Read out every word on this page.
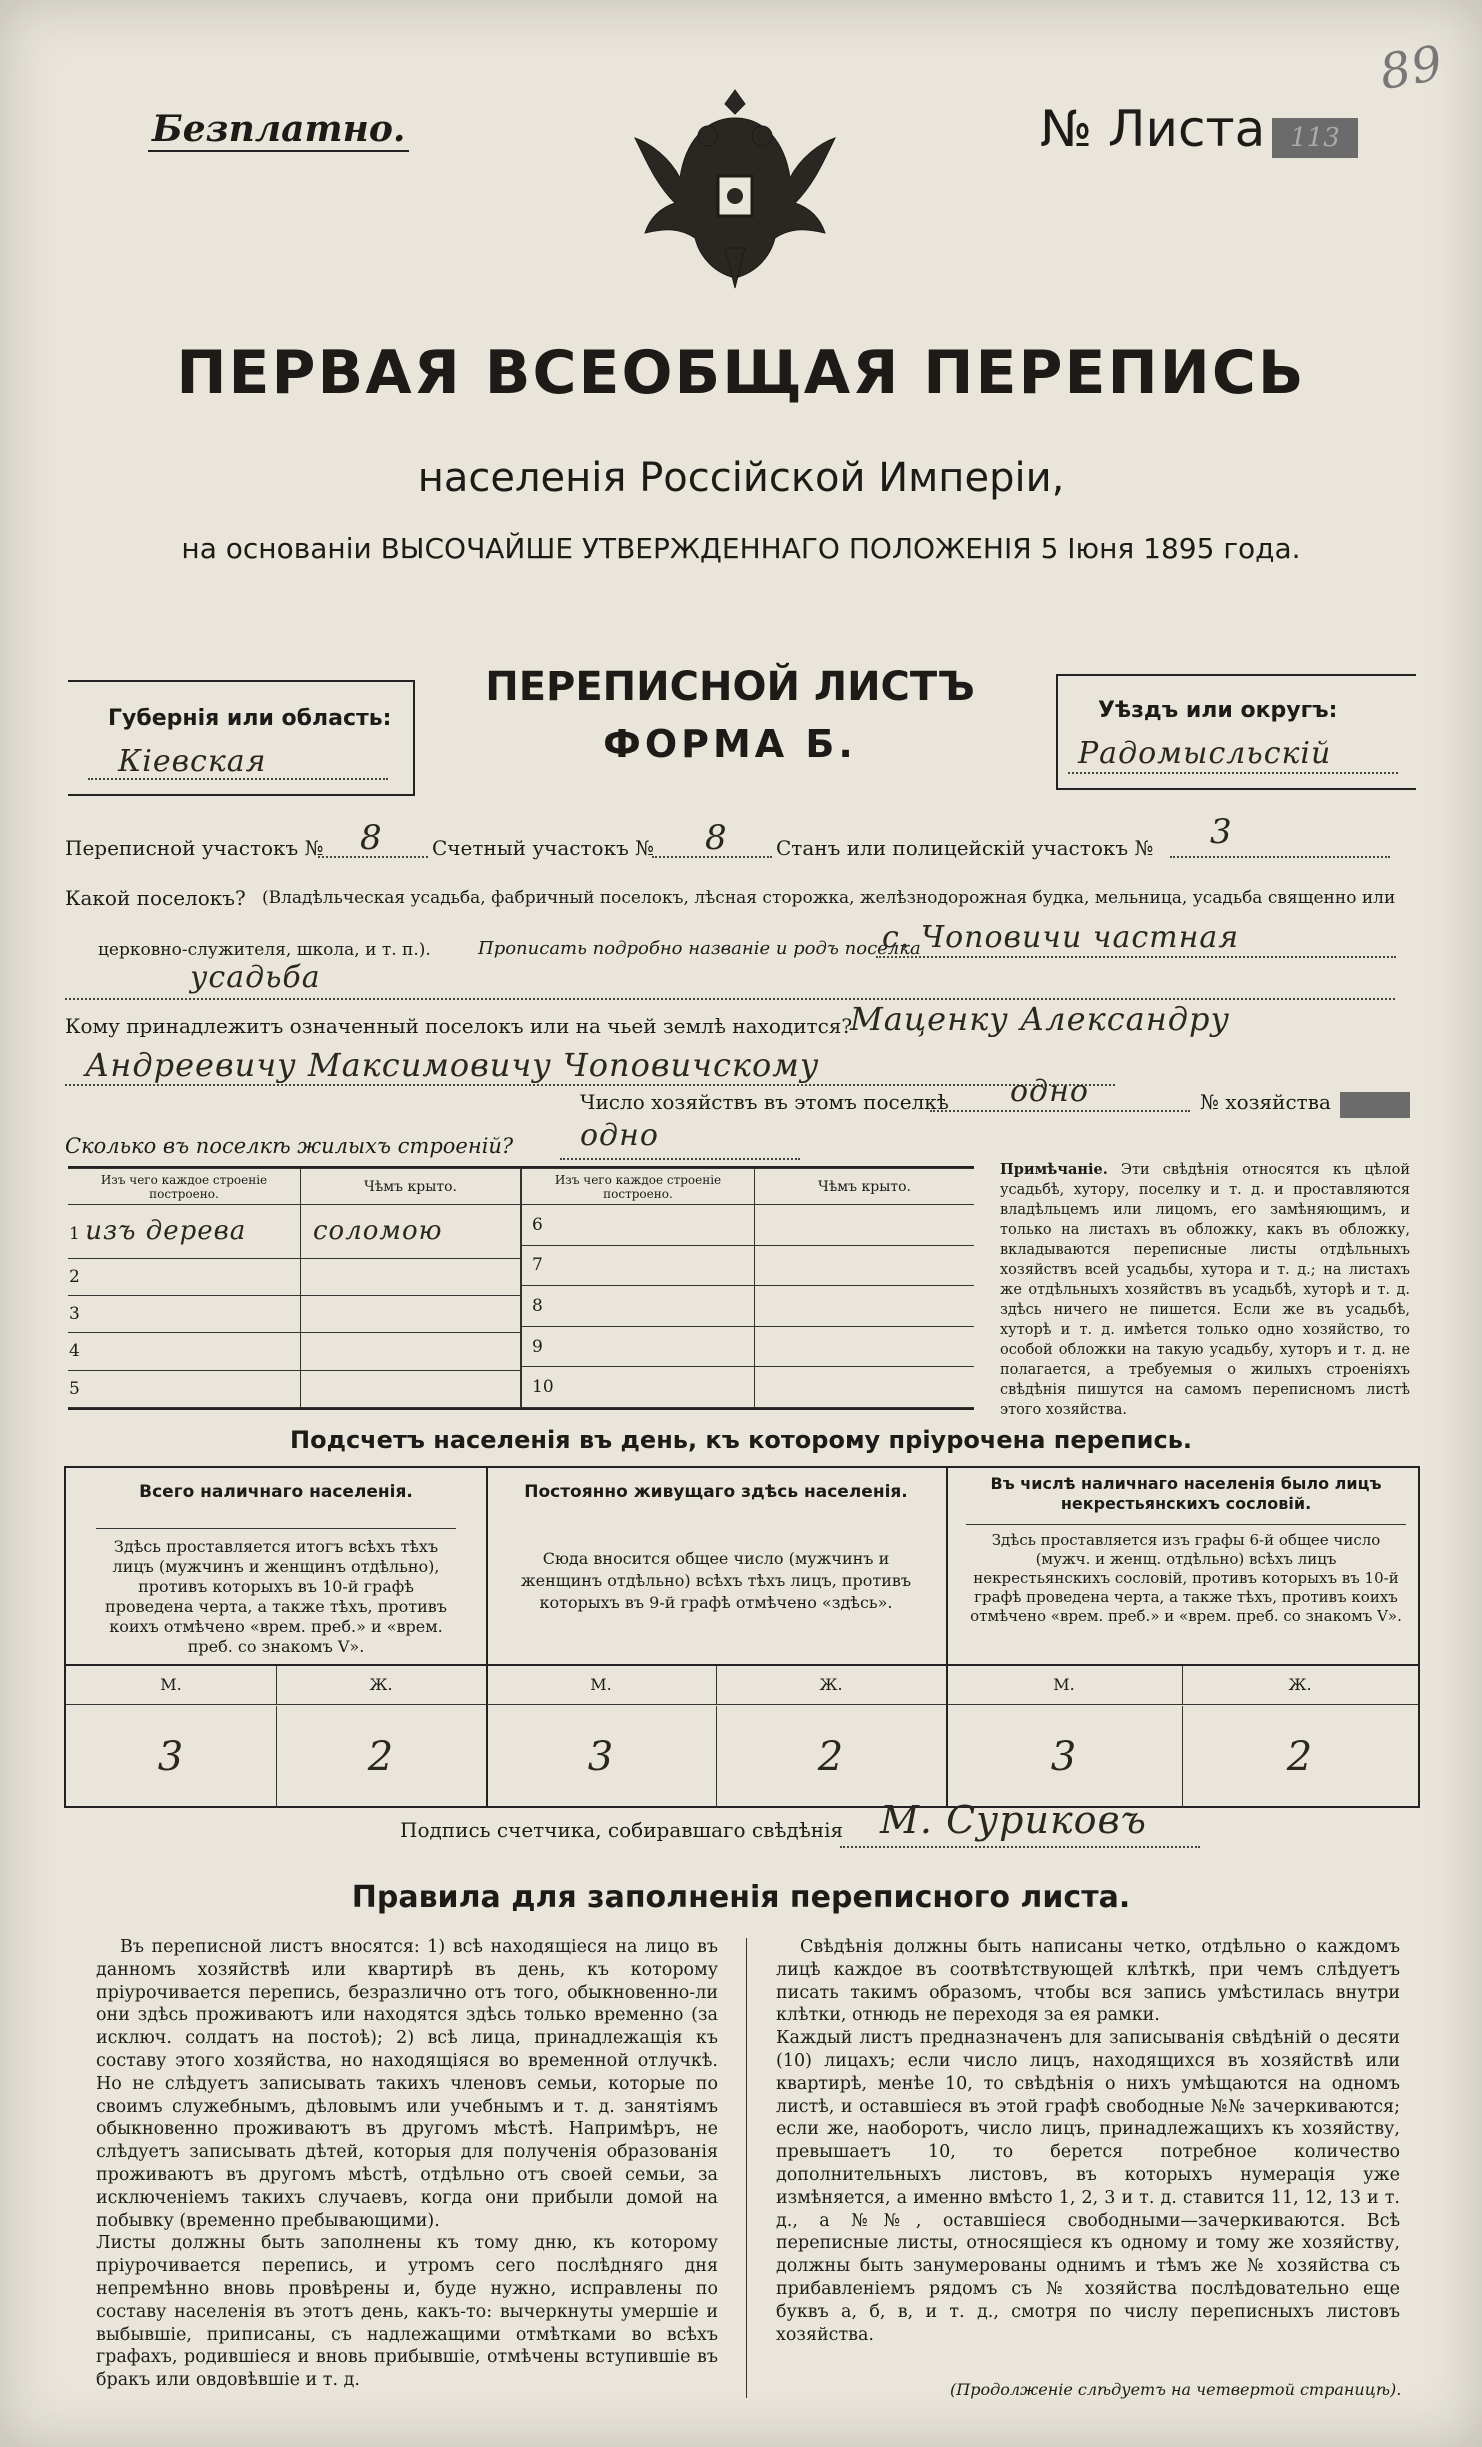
Безплатно.	№ Листа 113
89
ПЕРВАЯ ВСЕОБЩАЯ ПЕРЕПИСЬ
населенія Россійской Имперіи,
на основаніи ВЫСОЧАЙШЕ УТВЕРЖДЕННАГО ПОЛОЖЕНІЯ 5 Іюня 1895 года.
Губернія или область:
Кіевская
ПЕРЕПИСНОЙ ЛИСТЪ
ФОРМА Б.
Уѣздъ или округъ:
Радомысльскій
Переписной участокъ № 8 Счетный участокъ № 8 Станъ или полицейскій участокъ № 3
Какой поселокъ? (Владѣльческая усадьба, фабричный поселокъ, лѣсная сторожка, желѣзнодорожная будка, мельница, усадьба священно или
церковно-служителя, школа, и т. п.).	Прописать подробно названіе и родъ поселка
с. Чоповичи частная
усадьба
Кому принадлежитъ означенный поселокъ или на чьей землѣ находится?
Маценку Александру
Андреевичу Максимовичу Чоповичскому
Число хозяйствъ въ этомъ поселкѣ одно	№ хозяйства
Сколько въ поселкѣ жилыхъ строеній? одно
Изъ чего каждое строеніе построено.	Чѣмъ крыто.
1 изъ дерева	соломою
2	
3	
4	
5	
Изъ чего каждое строеніе построено.	Чѣмъ крыто.
6	
7	
8	
9	
10	
Примѣчаніе. Эти свѣдѣнія относятся къ цѣлой усадьбѣ, хутору, поселку и т. д. и проставляются владѣльцемъ или лицомъ, его замѣняющимъ, и только на листахъ въ обложку, какъ въ обложку, вкладываются переписные листы отдѣльныхъ хозяйствъ всей усадьбы, хутора и т. д.; на листахъ же отдѣльныхъ хозяйствъ въ усадьбѣ, хуторѣ и т. д. здѣсь ничего не пишется. Если же въ усадьбѣ, хуторѣ и т. д. имѣется только одно хозяйство, то особой обложки на такую усадьбу, хуторъ и т. д. не полагается, а требуемыя о жилыхъ строеніяхъ свѣдѣнія пишутся на самомъ переписномъ листѣ этого хозяйства.
Подсчетъ населенія въ день, къ которому пріурочена перепись.
Всего наличнаго населенія.
Здѣсь проставляется итогъ всѣхъ тѣхъ лицъ (мужчинъ и женщинъ отдѣльно), противъ которыхъ въ 10-й графѣ проведена черта, а также тѣхъ, противъ коихъ отмѣчено «врем. преб.» и «врем. преб. со знакомъ V».
Постоянно живущаго здѣсь населенія.
Сюда вносится общее число (мужчинъ и женщинъ отдѣльно) всѣхъ тѣхъ лицъ, противъ которыхъ въ 9-й графѣ отмѣчено «здѣсь».
Въ числѣ наличнаго населенія было лицъ некрестьянскихъ сословій.
Здѣсь проставляется изъ графы 6-й общее число (мужч. и женщ. отдѣльно) всѣхъ лицъ некрестьянскихъ сословій, противъ которыхъ въ 10-й графѣ проведена черта, а также тѣхъ, противъ коихъ отмѣчено «врем. преб.» и «врем. преб. со знакомъ V».
М.	Ж.	М.	Ж.	М.	Ж.
3	2	3	2	3	2
Подпись счетчика, собиравшаго свѣдѣнія М. Суриковъ
Правила для заполненія переписного листа.
Въ переписной листъ вносятся: 1) всѣ находящіеся на лицо въ данномъ хозяйствѣ или квартирѣ въ день, къ которому пріурочивается перепись, безразлично отъ того, обыкновенно-ли они здѣсь проживаютъ или находятся здѣсь только временно (за исключ. солдатъ на постоѣ); 2) всѣ лица, принадлежащія къ составу этого хозяйства, но находящіяся во временной отлучкѣ. Но не слѣдуетъ записывать такихъ членовъ семьи, которые по своимъ служебнымъ, дѣловымъ или учебнымъ и т. д. занятіямъ обыкновенно проживаютъ въ другомъ мѣстѣ. Напримѣръ, не слѣдуетъ записывать дѣтей, которыя для полученія образованія проживаютъ въ другомъ мѣстѣ, отдѣльно отъ своей семьи, за исключеніемъ такихъ случаевъ, когда они прибыли домой на побывку (временно пребывающими).
Листы должны быть заполнены къ тому дню, къ которому пріурочивается перепись, и утромъ сего послѣдняго дня непремѣнно вновь провѣрены и, буде нужно, исправлены по составу населенія въ этотъ день, какъ-то: вычеркнуты умершіе и выбывшіе, приписаны, съ надлежащими отмѣтками во всѣхъ графахъ, родившіеся и вновь прибывшіе, отмѣчены вступившіе въ бракъ или овдовѣвшіе и т. д.
Свѣдѣнія должны быть написаны четко, отдѣльно о каждомъ лицѣ каждое въ соотвѣтствующей клѣткѣ, при чемъ слѣдуетъ писать такимъ образомъ, чтобы вся запись умѣстилась внутри клѣтки, отнюдь не переходя за ея рамки.
Каждый листъ предназначенъ для записыванія свѣдѣній о десяти (10) лицахъ; если число лицъ, находящихся въ хозяйствѣ или квартирѣ, менѣе 10, то свѣдѣнія о нихъ умѣщаются на одномъ листѣ, и оставшіеся въ этой графѣ свободные №№ зачеркиваются; если же, наоборотъ, число лицъ, принадлежащихъ къ хозяйству, превышаетъ 10, то берется потребное количество дополнительныхъ листовъ, въ которыхъ нумерація уже измѣняется, а именно вмѣсто 1, 2, 3 и т. д. ставится 11, 12, 13 и т. д., а №№, оставшіеся свободными—зачеркиваются. Всѣ переписные листы, относящіеся къ одному и тому же хозяйству, должны быть занумерованы однимъ и тѣмъ же № хозяйства съ прибавленіемъ рядомъ съ № хозяйства послѣдовательно еще буквъ а, б, в, и т. д., смотря по числу переписныхъ листовъ хозяйства.
(Продолженіе слѣдуетъ на четвертой страницѣ).
